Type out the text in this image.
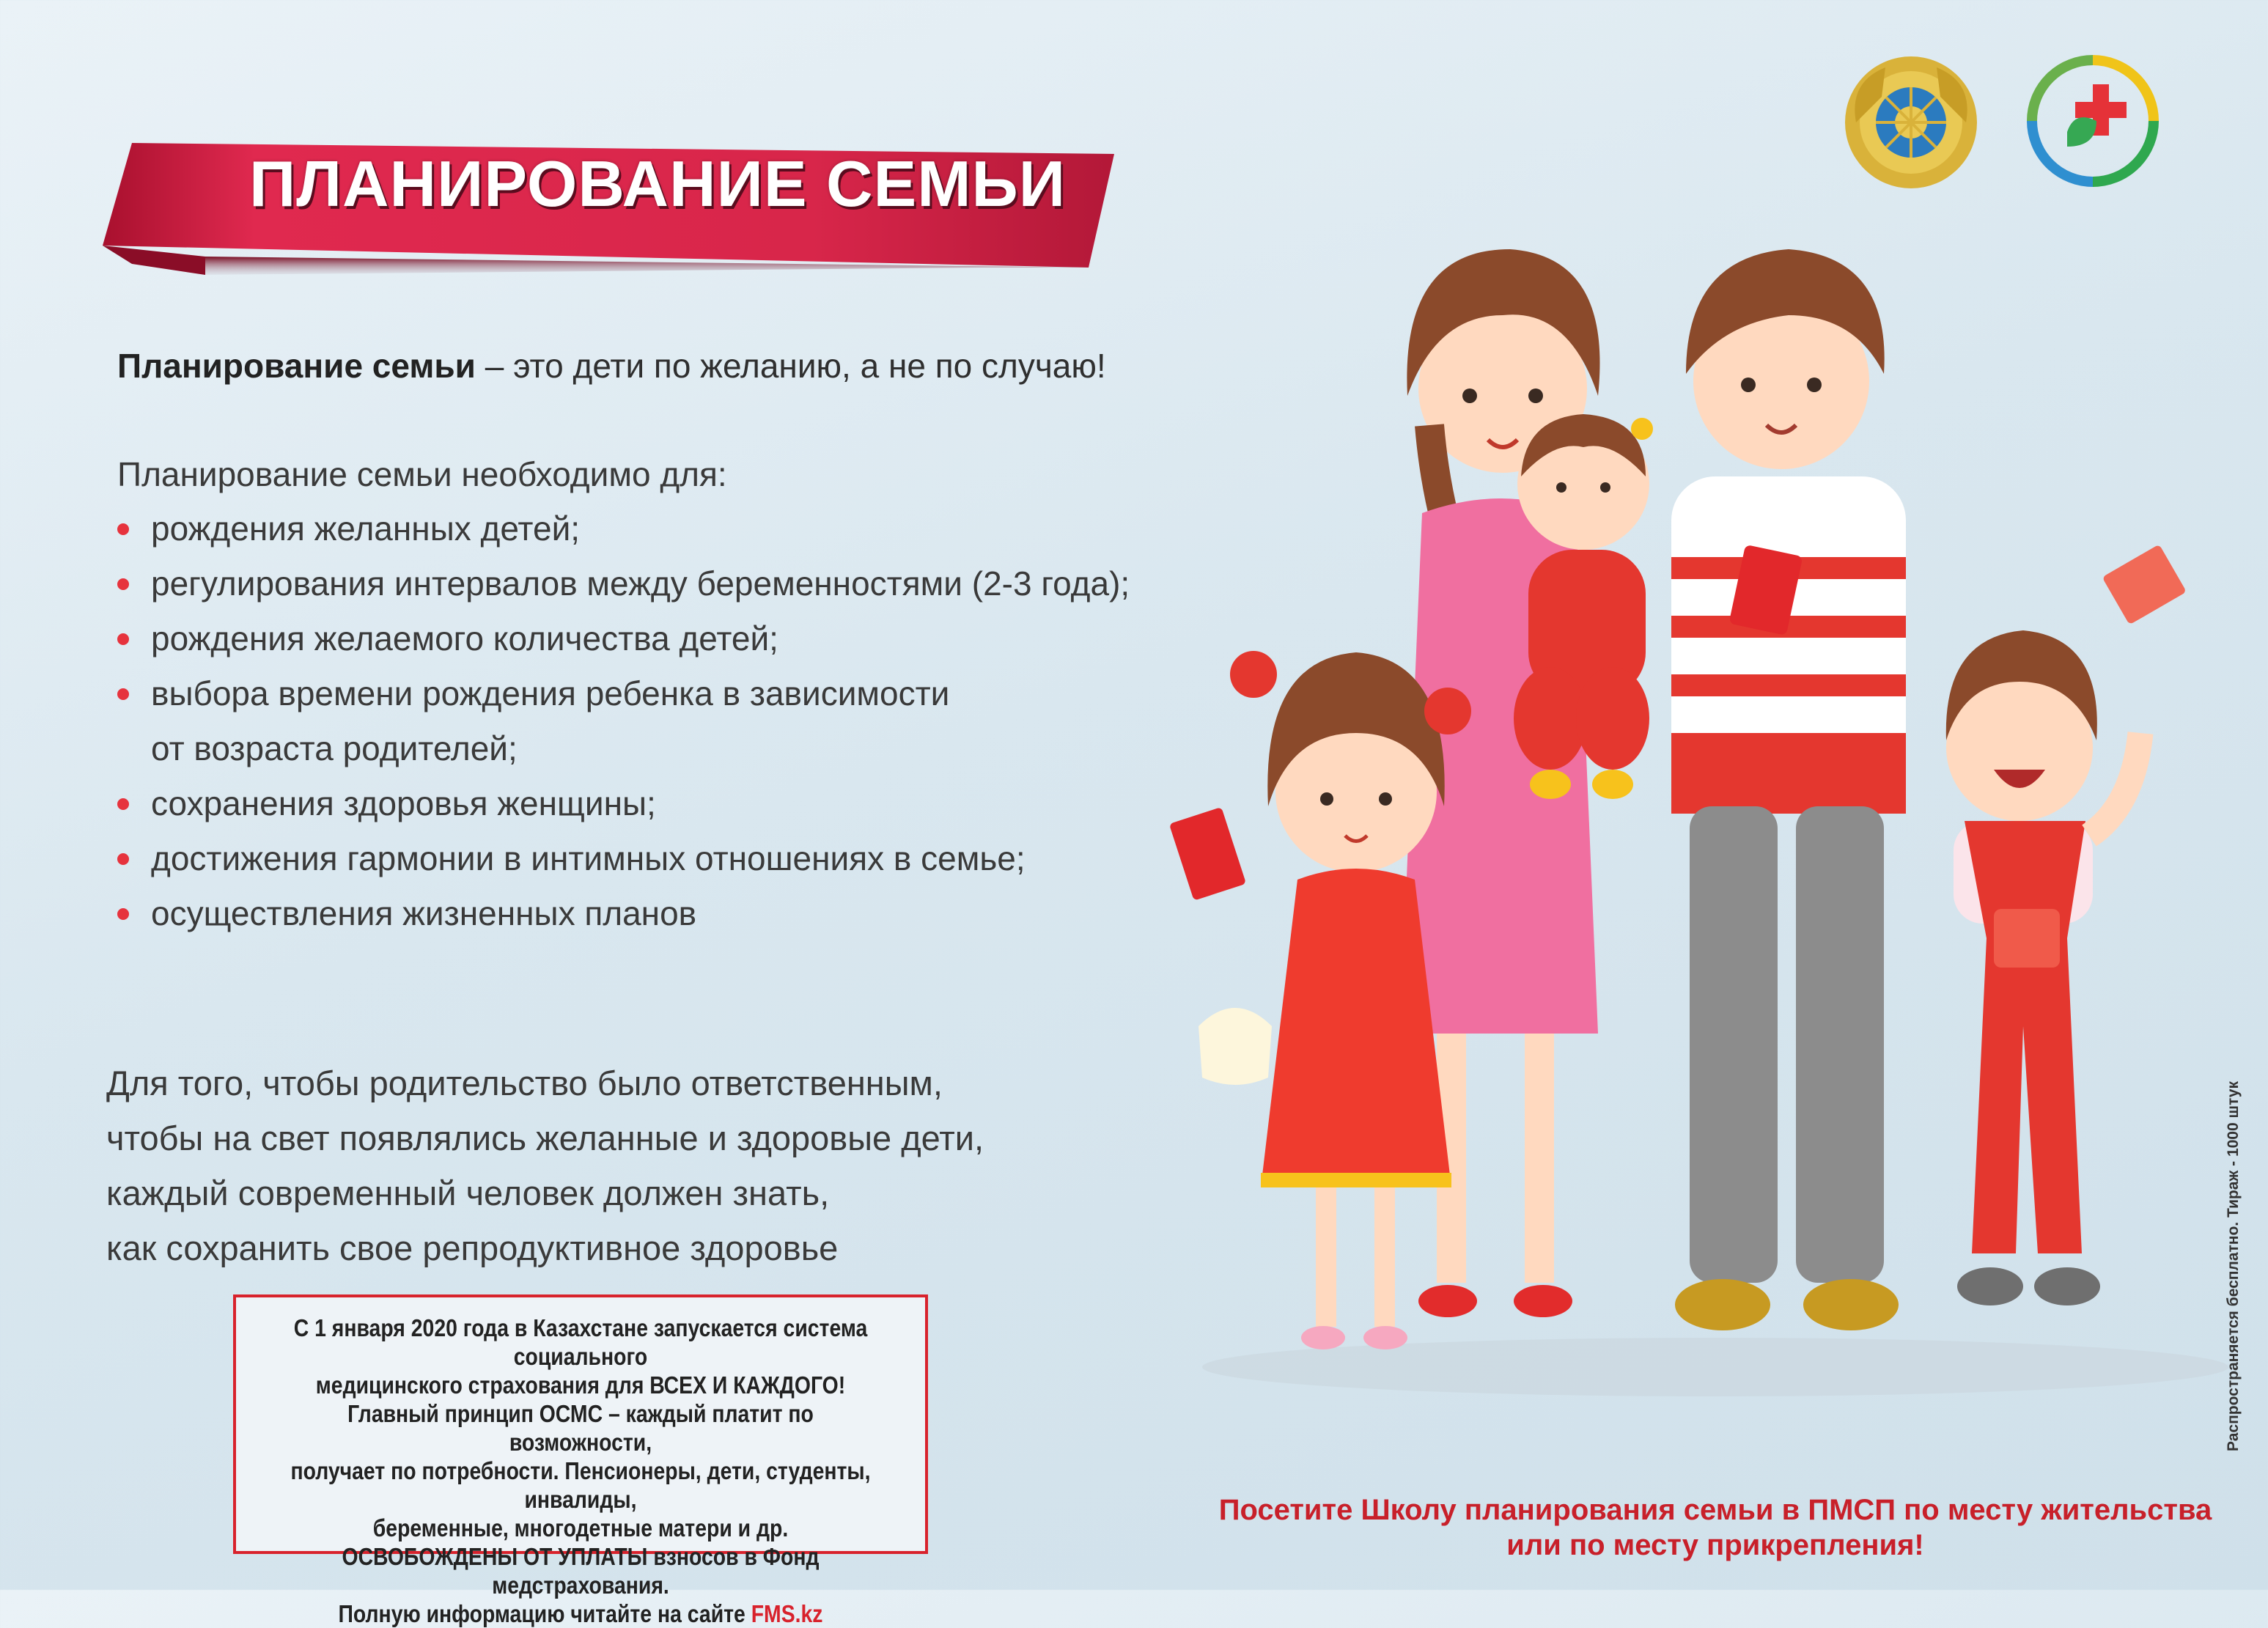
ПЛАНИРОВАНИЕ СЕМЬИ
Планирование семьи – это дети по желанию, а не по случаю!
Планирование семьи необходимо для:
рождения желанных детей;
регулирования интервалов между беременностями (2-3 года);
рождения желаемого количества детей;
выбора времени рождения ребенка в зависимости
от возраста родителей;
сохранения здоровья женщины;
достижения гармонии в интимных отношениях в семье;
осуществления жизненных планов
Для того, чтобы родительство было ответственным,
чтобы на свет появлялись желанные и здоровые дети,
каждый современный человек должен знать,
как сохранить свое репродуктивное здоровье
С 1 января 2020 года в Казахстане запускается система социального
медицинского страхования для ВСЕХ И КАЖДОГО!
Главный принцип ОСМС – каждый платит по возможности,
получает по потребности. Пенсионеры, дети, студенты, инвалиды,
беременные, многодетные матери и др.
ОСВОБОЖДЕНЫ ОТ УПЛАТЫ взносов в Фонд медстрахования.
Полную информацию читайте на сайте FMS.kz
Посетите Школу планирования семьи в ПМСП по месту жительства
или по месту прикрепления!
Распространяется бесплатно. Тираж - 1000 штук
